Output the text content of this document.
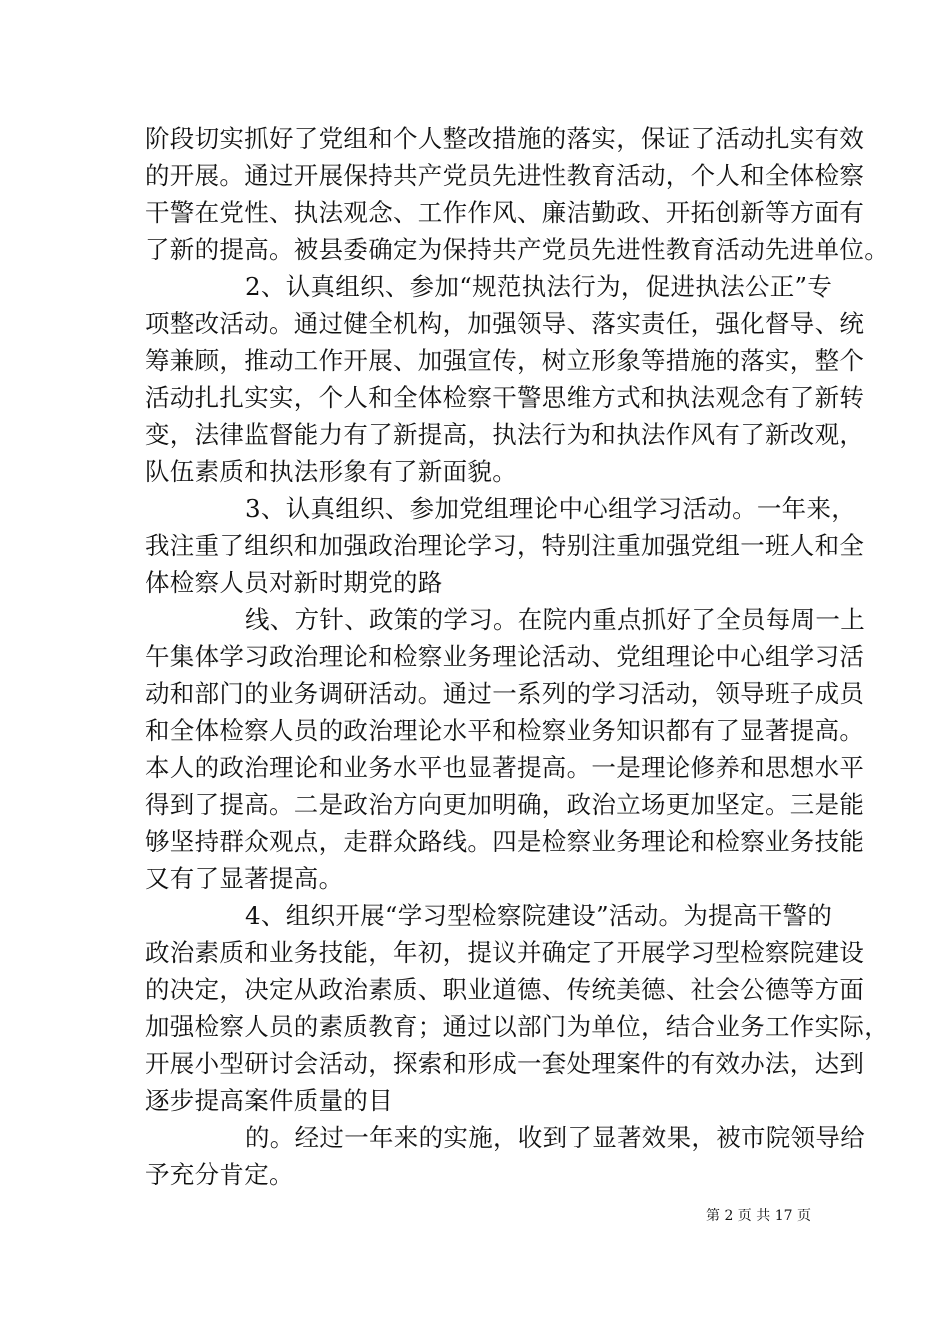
阶段切实抓好了党组和个人整改措施的落实，保证了活动扎实有效
的开展。通过开展保持共产党员先进性教育活动，个人和全体检察
干警在党性、执法观念、工作作风、廉洁勤政、开拓创新等方面有
了新的提高。被县委确定为保持共产党员先进性教育活动先进单位。
2、认真组织、参加“规范执法行为，促进执法公正”专
项整改活动。通过健全机构，加强领导、落实责任，强化督导、统
筹兼顾，推动工作开展、加强宣传，树立形象等措施的落实，整个
活动扎扎实实，个人和全体检察干警思维方式和执法观念有了新转
变，法律监督能力有了新提高，执法行为和执法作风有了新改观，
队伍素质和执法形象有了新面貌。
3、认真组织、参加党组理论中心组学习活动。一年来，
我注重了组织和加强政治理论学习，特别注重加强党组一班人和全
体检察人员对新时期党的路
线、方针、政策的学习。在院内重点抓好了全员每周一上
午集体学习政治理论和检察业务理论活动、党组理论中心组学习活
动和部门的业务调研活动。通过一系列的学习活动，领导班子成员
和全体检察人员的政治理论水平和检察业务知识都有了显著提高。
本人的政治理论和业务水平也显著提高。一是理论修养和思想水平
得到了提高。二是政治方向更加明确，政治立场更加坚定。三是能
够坚持群众观点，走群众路线。四是检察业务理论和检察业务技能
又有了显著提高。
4、组织开展“学习型检察院建设”活动。为提高干警的
政治素质和业务技能，年初，提议并确定了开展学习型检察院建设
的决定，决定从政治素质、职业道德、传统美德、社会公德等方面
加强检察人员的素质教育；通过以部门为单位，结合业务工作实际，
开展小型研讨会活动，探索和形成一套处理案件的有效办法，达到
逐步提高案件质量的目
的。经过一年来的实施，收到了显著效果，被市院领导给
予充分肯定。
第 2 页 共 17 页
